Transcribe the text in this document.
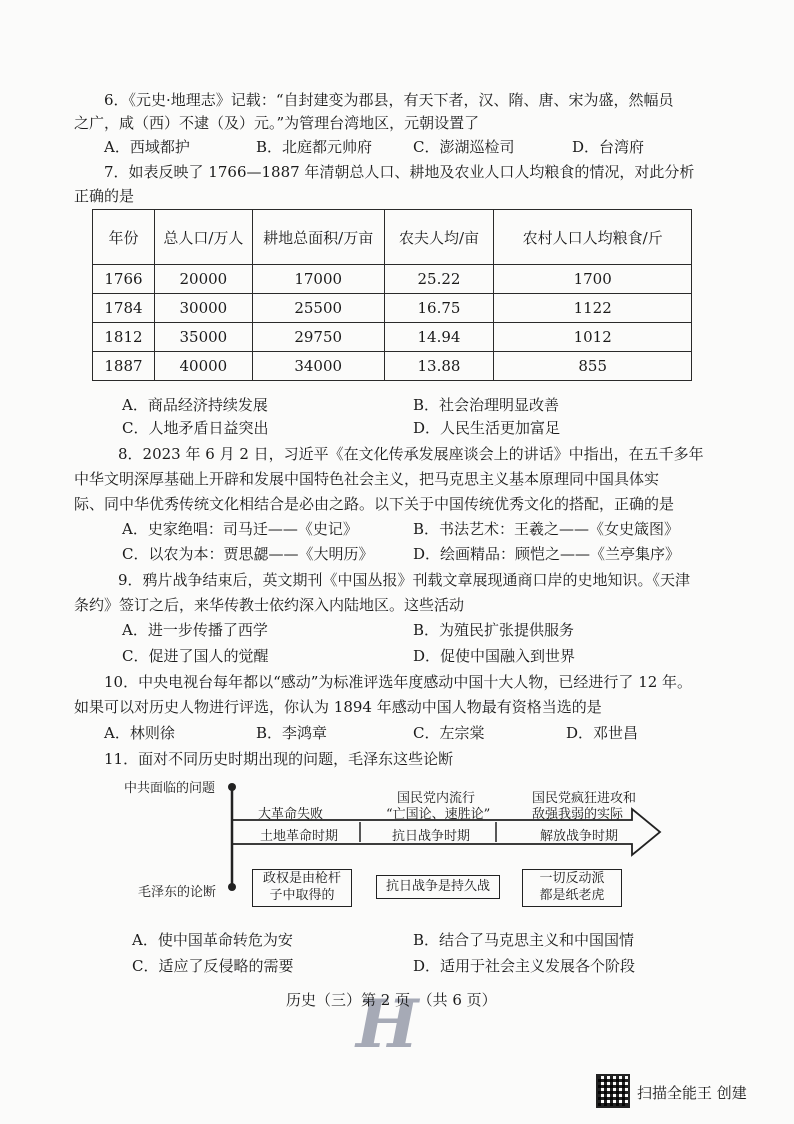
6．《元史·地理志》记载：“自封建变为郡县，有天下者，汉、隋、唐、宋为盛，然幅员
之广，咸（西）不逮（及）元。”为管理台湾地区，元朝设置了
A．西域都护	B．北庭都元帅府	C．澎湖巡检司	D．台湾府
7．如表反映了 1766—1887 年清朝总人口、耕地及农业人口人均粮食的情况，对此分析
正确的是
年份	总人口/万人	耕地总面积/万亩	农夫人均/亩	农村人口人均粮食/斤
1766	20000	17000	25.22	1700
1784	30000	25500	16.75	1122
1812	35000	29750	14.94	1012
1887	40000	34000	13.88	855
A．商品经济持续发展	B．社会治理明显改善
C．人地矛盾日益突出	D．人民生活更加富足
8．2023 年 6 月 2 日，习近平《在文化传承发展座谈会上的讲话》中指出，在五千多年
中华文明深厚基础上开辟和发展中国特色社会主义，把马克思主义基本原理同中国具体实
际、同中华优秀传统文化相结合是必由之路。以下关于中国传统优秀文化的搭配，正确的是
A．史家绝唱：司马迁——《史记》	B．书法艺术：王羲之——《女史箴图》
C．以农为本：贾思勰——《大明历》	D．绘画精品：顾恺之——《兰亭集序》
9．鸦片战争结束后，英文期刊《中国丛报》刊载文章展现通商口岸的史地知识。《天津
条约》签订之后，来华传教士依约深入内陆地区。这些活动
A．进一步传播了西学	B．为殖民扩张提供服务
C．促进了国人的觉醒	D．促使中国融入到世界
10．中央电视台每年都以“感动”为标准评选年度感动中国十大人物，已经进行了 12 年。
如果可以对历史人物进行评选，你认为 1894 年感动中国人物最有资格当选的是
A．林则徐	B．李鸿章	C．左宗棠	D．邓世昌
11．面对不同历史时期出现的问题，毛泽东这些论断
中共面临的问题
毛泽东的论断
大革命失败
国民党内流行
“亡国论、速胜论”
国民党疯狂进攻和
敌强我弱的实际
土地革命时期	抗日战争时期	解放战争时期
政权是由枪杆
子中取得的
抗日战争是持久战
一切反动派
都是纸老虎
A．使中国革命转危为安	B．结合了马克思主义和中国国情
C．适应了反侵略的需要	D．适用于社会主义发展各个阶段
H
历史（三）第 2 页　（共 6 页）
扫描全能王 创建
